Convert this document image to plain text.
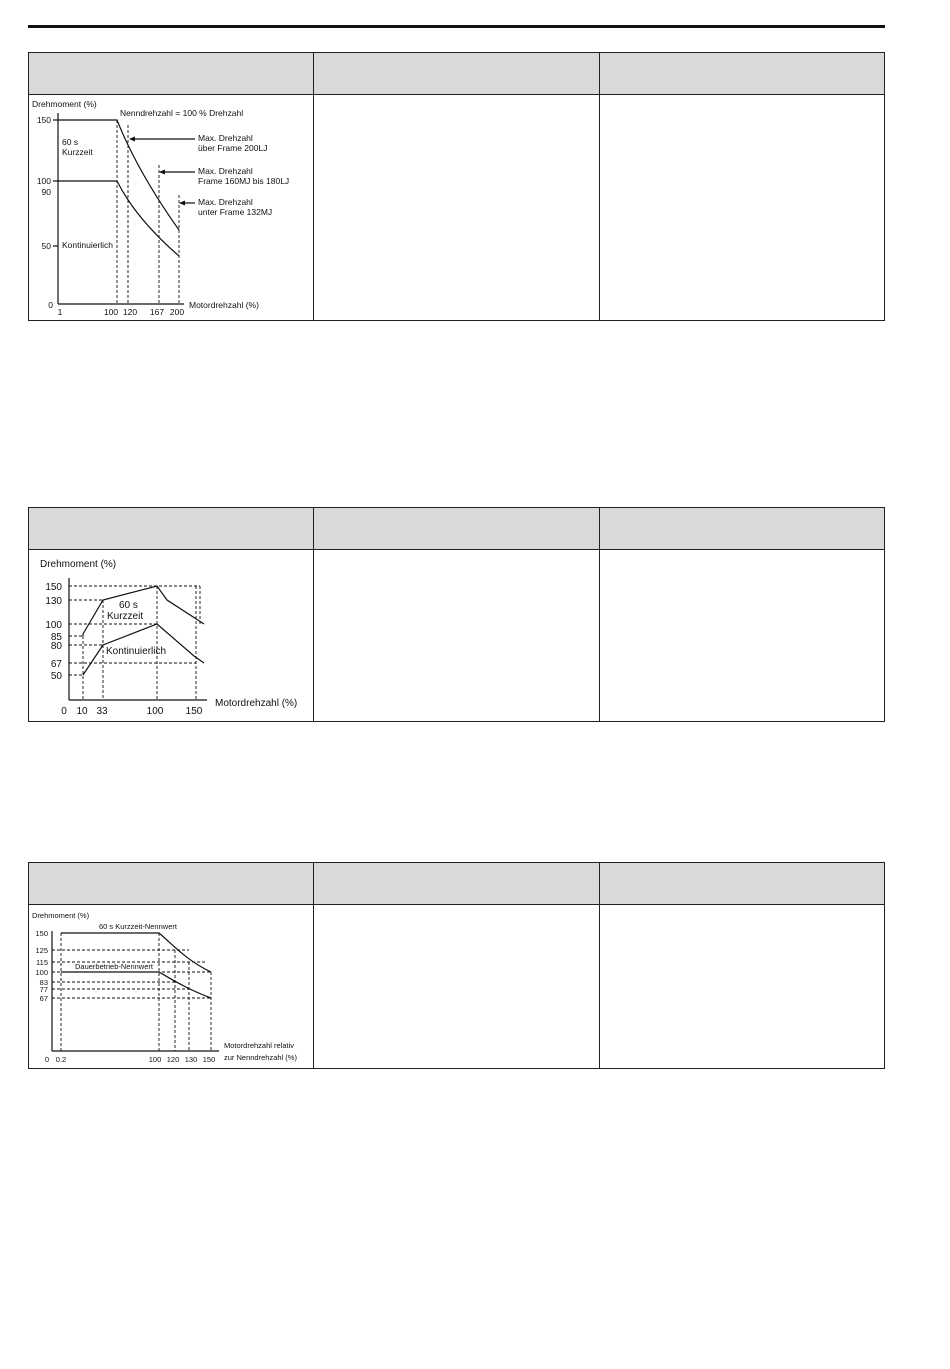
Drehmoment (%)
Nenndrehzahl = 100 % Drehzahl
150
100
90
50
0
1	100 120 167 200
Motordrehzahl (%)
60 s
Kurzzeit
Kontinuierlich
Max. Drehzahl
über Frame 200LJ
Max. Drehzahl
Frame 160MJ bis 180LJ
Max. Drehzahl
unter Frame 132MJ
Drehmoment (%)
150
130
100
85
80
67
50
0 10 33	100 150
Motordrehzahl (%)
60 s
Kurzzeit
Kontinuierlich
Drehmoment (%)
150
125
115
100
83
77
67
0 0.2	100 120 130 150
Motordrehzahl relativ
zur Nenndrehzahl (%)
60 s Kurzzeit-Nennwert
Dauerbetrieb-Nennwert
